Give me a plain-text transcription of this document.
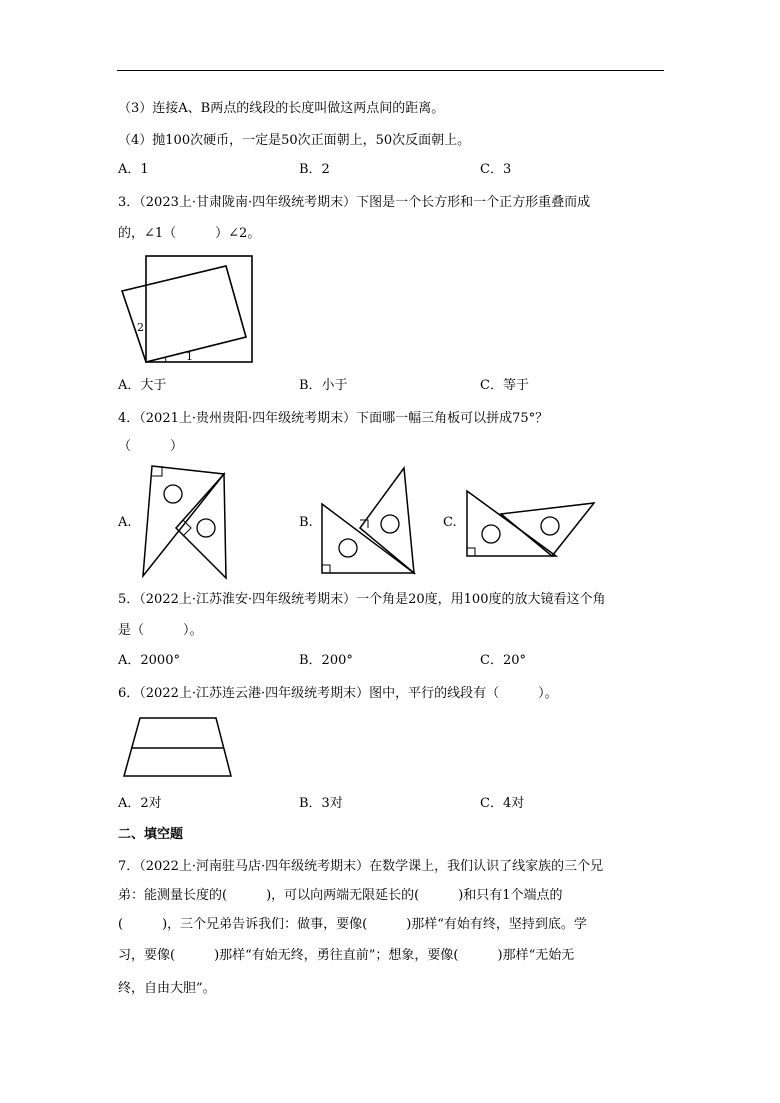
（3）连接A、B两点的线段的长度叫做这两点间的距离。
（4）抛100次硬币，一定是50次正面朝上，50次反面朝上。
A．1	B．2	C．3
3．（2023上·甘肃陇南·四年级统考期末）下图是一个长方形和一个正方形重叠而成
的，∠1（　　　）∠2。
1
2
A．大于	B．小于	C．等于
4．（2021上·贵州贵阳·四年级统考期末）下面哪一幅三角板可以拼成75°？
（　　　）
A.	B.	C.
5．（2022上·江苏淮安·四年级统考期末）一个角是20度，用100度的放大镜看这个角
是（　　　）。
A．2000°	B．200°	C．20°
6．（2022上·江苏连云港·四年级统考期末）图中，平行的线段有（　　　）。
A．2对	B．3对	C．4对
二、填空题
7．（2022上·河南驻马店·四年级统考期末）在数学课上，我们认识了线家族的三个兄
弟：能测量长度的(　　　)，可以向两端无限延长的(　　　)和只有1个端点的
(　　　)，三个兄弟告诉我们：做事，要像(　　　)那样“有始有终，坚持到底。学
习，要像(　　　)那样“有始无终，勇往直前”；想象，要像(　　　)那样“无始无
终，自由大胆”。
